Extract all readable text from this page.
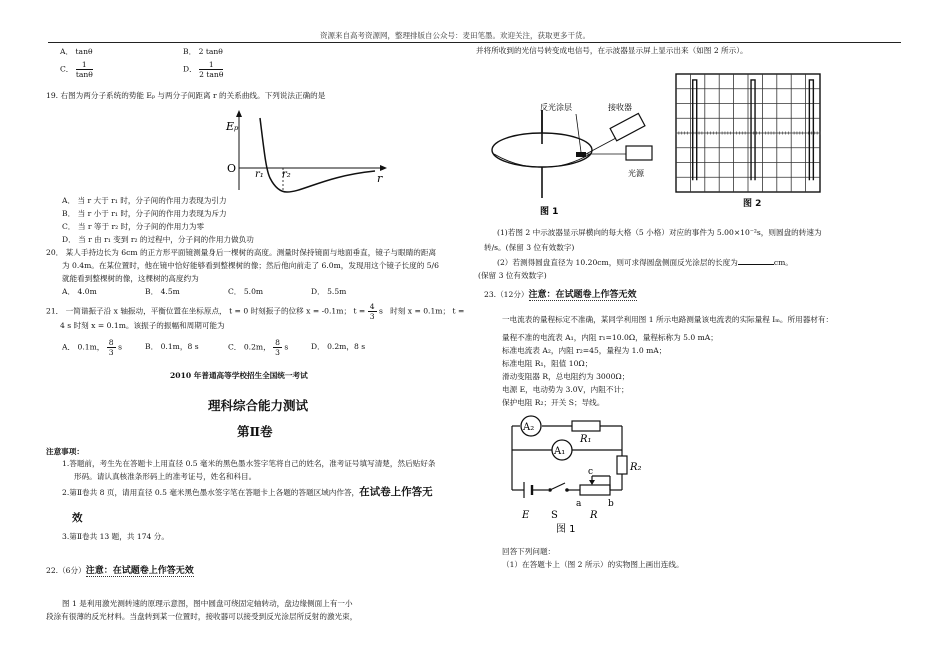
资源来自高考资源网，整理排版自公众号：麦田笔墨。欢迎关注，获取更多干货。
A． tanθ	B． 2 tanθ
C． $\frac{1}{\tan\theta}$	D． $\frac{1}{2 \tan\theta}$
19. 右图为两分子系统的势能 Eₚ 与两分子间距离 r 的关系曲线。下列说法正确的是
Eₚ
O r₁ r₂	r
A． 当 r 大于 r₁ 时，分子间的作用力表现为引力
B． 当 r 小于 r₁ 时，分子间的作用力表现为斥力
C． 当 r 等于 r₂ 时，分子间的作用力为零
D． 当 r 由 r₁ 变到 r₂ 的过程中，分子间的作用力做负功
20． 某人手持边长为 6cm 的正方形平面镜测量身后一棵树的高度。测量时保持镜面与地面垂直，镜子与眼睛的距离
为 0.4m。在某位置时，他在镜中恰好能够看到整棵树的像；然后他向前走了 6.0m，发现用这个镜子长度的 5/6
就能看到整棵树的像，这棵树的高度约为
A． 4.0m	B． 4.5m	C． 5.0m	D． 5.5m
21． 一简谐振子沿 x 轴振动，平衡位置在坐标原点， t = 0 时刻振子的位移 x = -0.1m； $t = \frac{4}{3}$ s 时刻 x = 0.1m； t =
4 s 时刻 x = 0.1m。该振子的振幅和周期可能为
A． 0.1m， $\frac{8}{3}$ s	B． 0.1m，8 s	C． 0.2m， $\frac{8}{3}$ s	D． 0.2m，8 s
2010 年普通高等学校招生全国统一考试
理科综合能力测试
第Ⅱ卷
注意事项：
1.答题前，考生先在答题卡上用直径 0.5 毫米的黑色墨水签字笔将自己的姓名，准考证号填写清楚，然后贴好条
形码。请认真核准条形码上的准考证号，姓名和科目。
2.第Ⅱ卷共 8 页，请用直径 0.5 毫米黑色墨水签字笔在答题卡上各题的答题区域内作答，在试卷上作答无
效
3.第Ⅱ卷共 13 题，共 174 分。
22.（6分）注意：在试题卷上作答无效
图 1 是利用激光测转速的原理示意图，图中圆盘可绕固定轴转动，盘边缘侧面上有一小
段涂有很薄的反光材料。当盘转到某一位置时，接收器可以接受到反光涂层所反射的激光束，
并将所收到的光信号转变成电信号，在示波器显示屏上显示出来（如图 2 所示）。
反光涂层	接收器
光源
图 1
图 2
(1)若图 2 中示波器显示屏横向的每大格（5 小格）对应的事件为 5.00×10⁻²s，则圆盘的转速为
转/s。(保留 3 位有效数字)
(2）若测得圆盘直径为 10.20cm，则可求得圆盘侧面反光涂层的长度为	cm。
(保留 3 位有效数字)
23.（12分）注意：在试题卷上作答无效
一电流表的量程标定不准确，某同学利用图 1 所示电路测量该电流表的实际量程 Iₘ。所用器材有：
量程不准的电流表 A₁，内阻 r₁=10.0Ω，量程标称为 5.0 mA；
标准电流表 A₂，内阻 r₂=45，量程为 1.0 mA；
标准电阻 R₁，阻值 10Ω；
滑动变阻器 R，总电阻约为 3000Ω；
电源 E，电动势为 3.0V，内阻不计；
保护电阻 R₂；开关 S；导线。
A₂
A₁
R₁
R₂
E S
c
a	b
R
图 1
回答下列问题：
（1）在答题卡上（图 2 所示）的实物图上画出连线。
